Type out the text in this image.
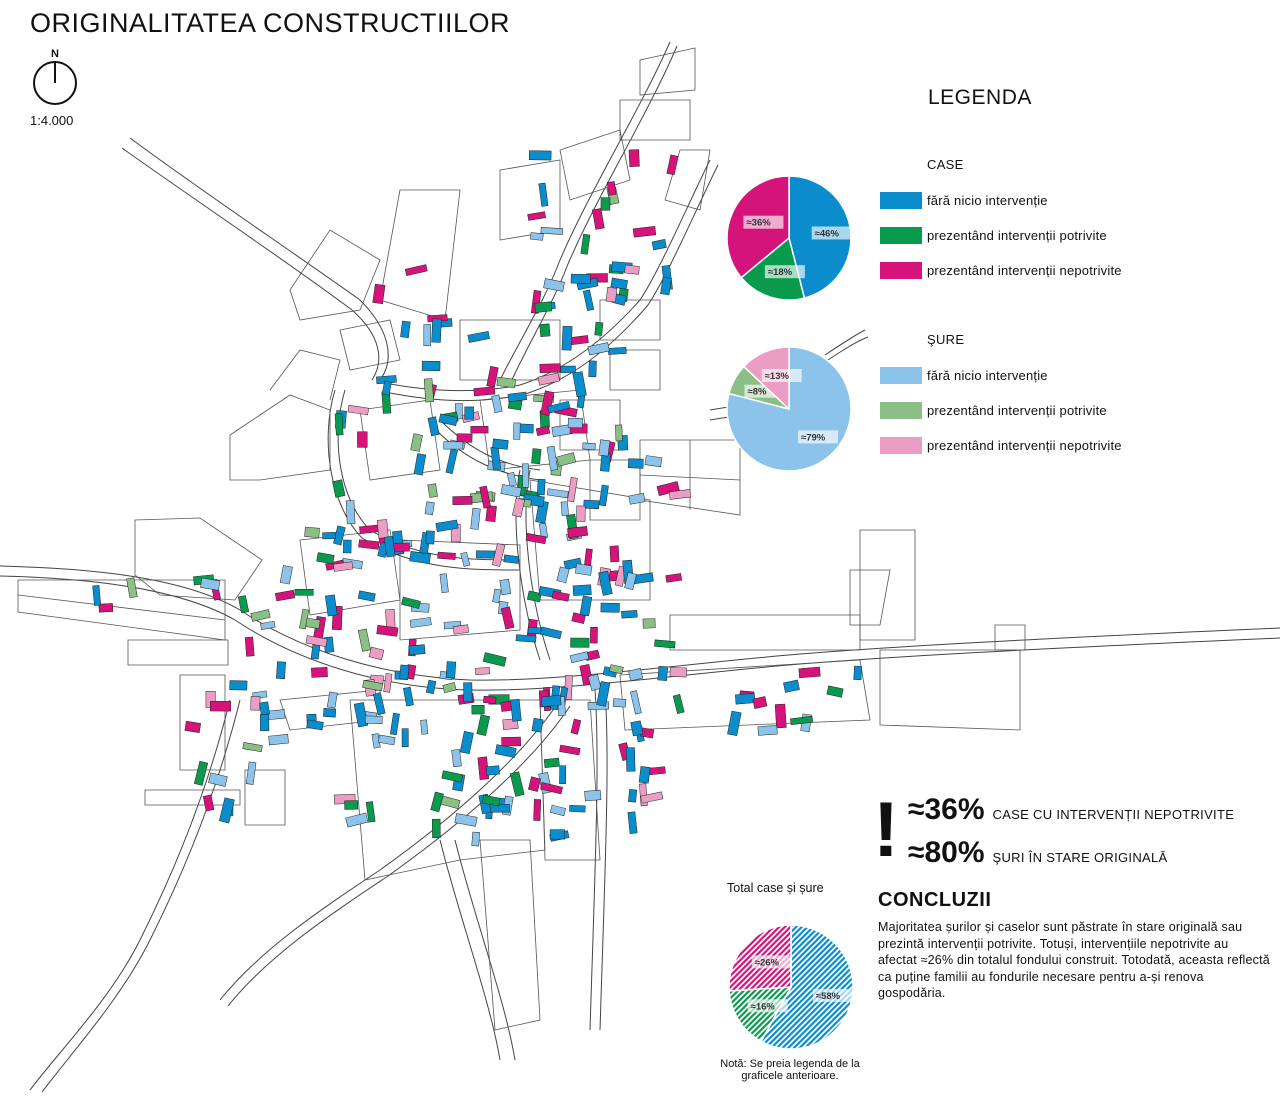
ORIGINALITATEA CONSTRUCTIILOR
N
1:4.000
LEGENDA
CASE
fără nicio intervenție
prezentând intervenții potrivite
prezentând intervenții nepotrivite
ŞURE
fără nicio intervenție
prezentând intervenții potrivite
prezentând intervenții nepotrivite
≈46%
≈18%
≈36%
≈79%
≈8%
≈13%
≈58%
≈16%
≈26%
! ≈36% CASE CU INTERVENȚII NEPOTRIVITE
≈80% ŞURI ÎN STARE ORIGINALĂ
CONCLUZII
Majoritatea șurilor și caselor sunt păstrate în stare originală sau prezintă intervenții potrivite. Totuși, intervențiile nepotrivite au afectat ≈26% din totalul fondului construit. Totodată, aceasta reflectă ca puține familii au fondurile necesare pentru a-și renova gospodăria.
Total case și șure
Notă: Se preia legenda de la graficele anterioare.
